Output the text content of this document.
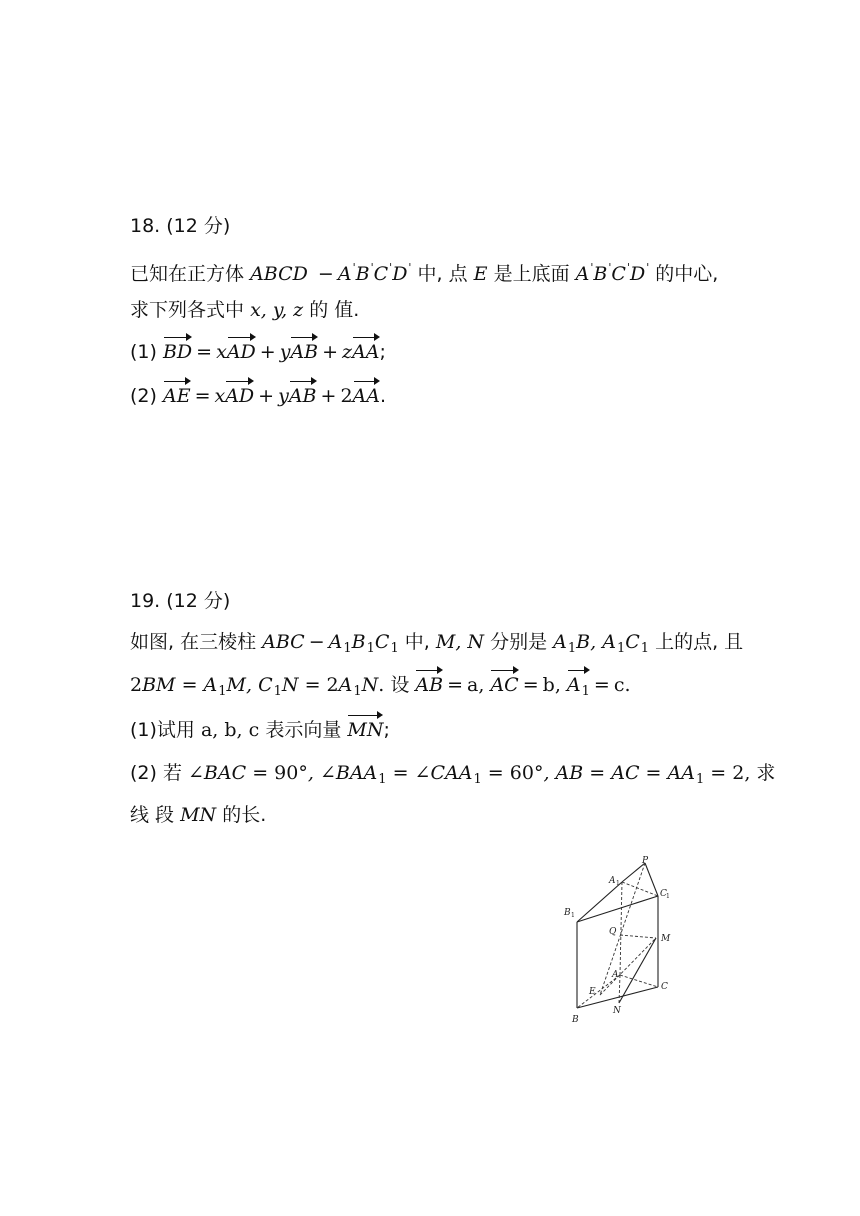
18. (12 分)
已知在正方体 ABCD − A'B'C'D' 中, 点 E 是上底面 A'B'C'D' 的中心,
求下列各式中 x, y, z 的 值.
(1) BD = xAD + yAB + zAA;
(2) AE = xAD + yAB + 2AA.
19. (12 分)
如图, 在三棱柱 ABC − $A_1B_1C_1$ 中, M, N 分别是 $A_1B$, $A_1C_1$ 上的点, 且
$2BM = A_1M$, $C_1N = 2A_1N$. 设 AB = a, AC = b, $A_1 = c$.
(1)试用 a, b, c 表示向量 MN;
(2) 若 ∠BAC = 90°, $\angle BAA_1$ = $\angle CAA_1 = 60^\circ$, AB = AC = $AA_1 = 2$, 求
线 段 MN 的长.
P
A
C
B
Q
M
A
E	C
B
N
1
1
1
